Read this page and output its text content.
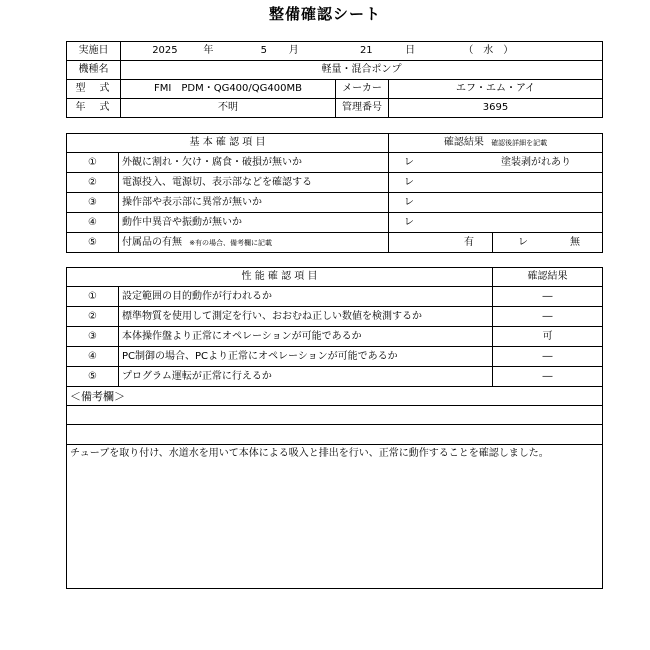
整備確認シート
実施日	2025 年 5 月 21 日 （　水　）		
機種名	軽量・混合ポンプ		
型　式	FMI　PDM・QG400/QG400MB	メーカー	エフ・エム・アイ
年　式	不明	管理番号	3695
基 本 確 認 項 目		確認結果 確認後詳細を記載	
①	外観に割れ・欠け・腐食・破損が無いか	レ 塗装剥がれあり	
②	電源投入、電源切、表示部などを確認する	レ	
③	操作部や表示部に異常が無いか	レ	
④	動作中異音や振動が無いか	レ	
⑤	付属品の有無 ※有の場合、備考欄に記載	有	レ 無
性 能 確 認 項 目		確認結果
①	設定範囲の目的動作が行われるか	―
②	標準物質を使用して測定を行い、おおむね正しい数値を検測するか	―
③	本体操作盤より正常にオペレーションが可能であるか	可
④	PC制御の場合、PCより正常にオペレーションが可能であるか	―
⑤	プログラム運転が正常に行えるか	―
＜備考欄＞		

チューブを取り付け、水道水を用いて本体による吸入と排出を行い、正常に動作することを確認しました。		
